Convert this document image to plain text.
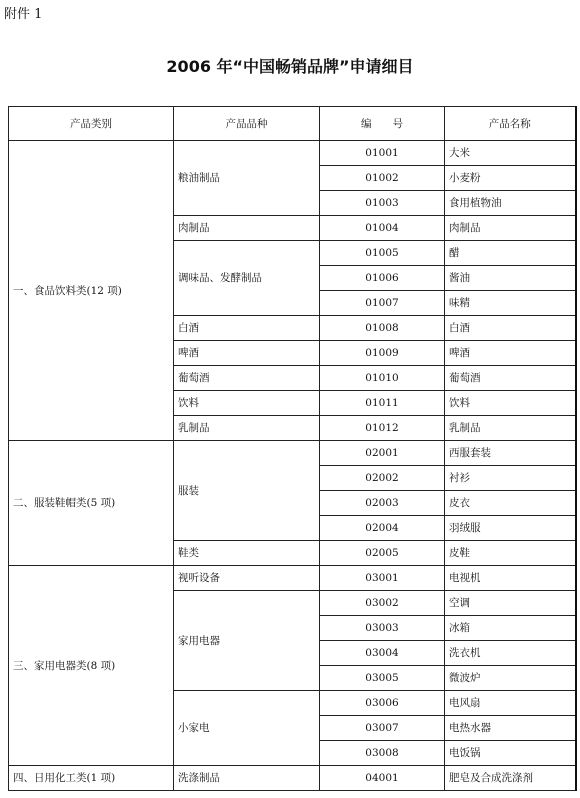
附件 1
2006 年“中国畅销品牌”申请细目
产品类别	产品品种	编　　号	产品名称
一、食品饮料类(12 项)	粮油制品	01001	大米
		01002	小麦粉
		01003	食用植物油
	肉制品	01004	肉制品
	调味品、发酵制品	01005	醋
		01006	酱油
		01007	味精
	白酒	01008	白酒
	啤酒	01009	啤酒
	葡萄酒	01010	葡萄酒
	饮料	01011	饮料
	乳制品	01012	乳制品
二、服装鞋帽类(5 项)	服装	02001	西服套装
		02002	衬衫
		02003	皮衣
		02004	羽绒服
	鞋类	02005	皮鞋
三、家用电器类(8 项)	视听设备	03001	电视机
	家用电器	03002	空调
		03003	冰箱
		03004	洗衣机
		03005	微波炉
	小家电	03006	电风扇
		03007	电热水器
		03008	电饭锅
四、日用化工类(1 项)	洗涤制品	04001	肥皂及合成洗涤剂
